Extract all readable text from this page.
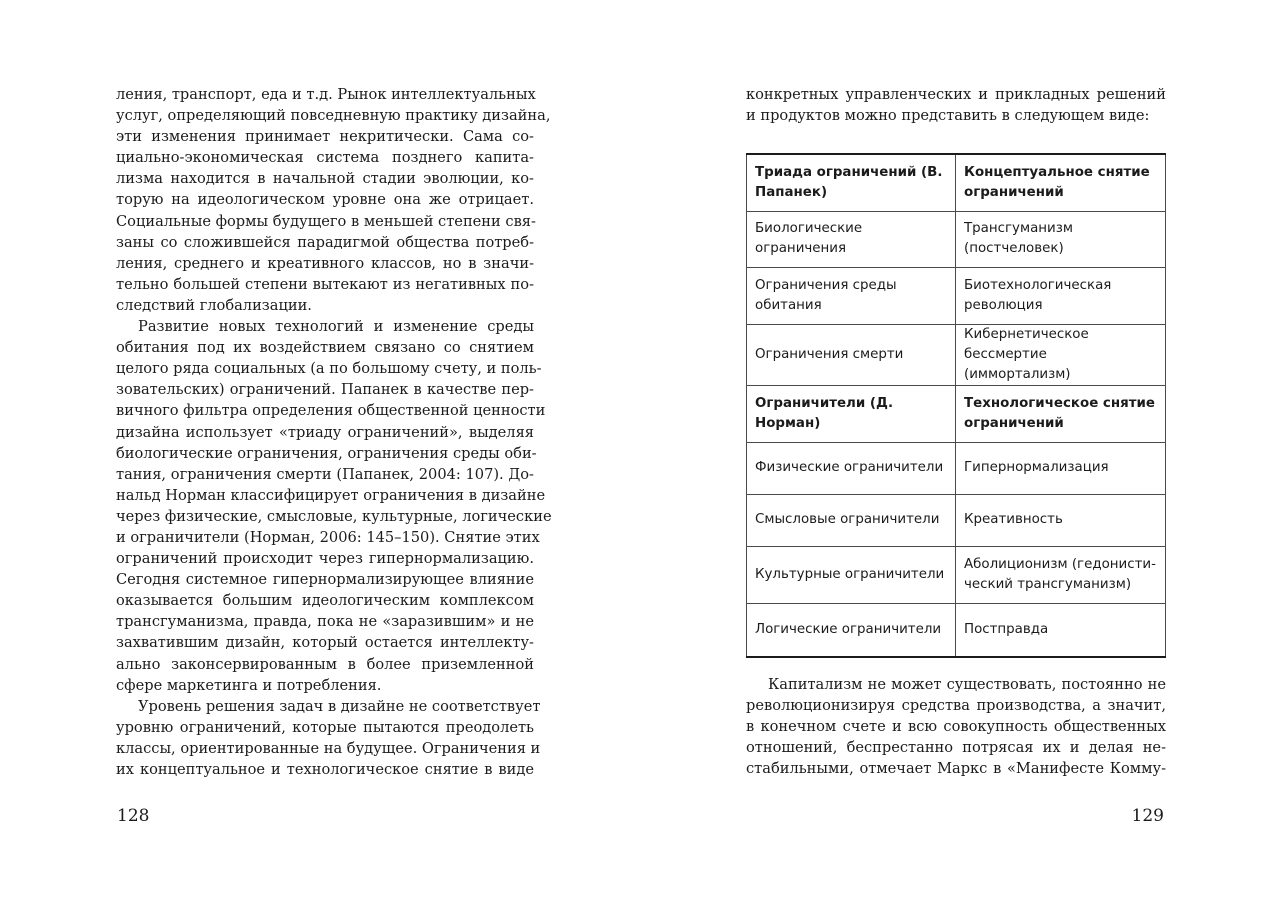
ления, транспорт, еда и т.д. Рынок интеллектуальных
услуг, определяющий повседневную практику дизайна,
эти изменения принимает некритически. Сама со-
циально-экономическая система позднего капита-
лизма находится в начальной стадии эволюции, ко-
торую на идеологическом уровне она же отрицает.
Социальные формы будущего в меньшей степени свя-
заны со сложившейся парадигмой общества потреб-
ления, среднего и креативного классов, но в значи-
тельно большей степени вытекают из негативных по-
следствий глобализации.
Развитие новых технологий и изменение среды
обитания под их воздействием связано со снятием
целого ряда социальных (а по большому счету, и поль-
зовательских) ограничений. Папанек в качестве пер-
вичного фильтра определения общественной ценности
дизайна использует «триаду ограничений», выделяя
биологические ограничения, ограничения среды оби-
тания, ограничения смерти (Папанек, 2004: 107). До-
нальд Норман классифицирует ограничения в дизайне
через физические, смысловые, культурные, логические
и ограничители (Норман, 2006: 145–150). Снятие этих
ограничений происходит через гипернормализацию.
Сегодня системное гипернормализирующее влияние
оказывается большим идеологическим комплексом
трансгуманизма, правда, пока не «заразившим» и не
захватившим дизайн, который остается интеллекту-
ально законсервированным в более приземленной
сфере маркетинга и потребления.
Уровень решения задач в дизайне не соответствует
уровню ограничений, которые пытаются преодолеть
классы, ориентированные на будущее. Ограничения и
их концептуальное и технологическое снятие в виде
128
конкретных управленческих и прикладных решений
и продуктов можно представить в следующем виде:
Триада ограничений (В. Папанек)	Концептуальное снятие ограничений

Биологические ограничения	Трансгуманизм (постчеловек)

Ограничения среды обитания	Биотехнологическая революция

Ограничения смерти	Кибернетическое бессмертие (иммортализм)

Ограничители (Д. Норман)	Технологическое снятие ограничений

Физические ограничители	Гипернормализация

Смысловые ограничители	Креативность

Культурные ограничители	Аболиционизм (гедонисти-ческий трансгуманизм)

Логические ограничители	Постправда
Капитализм не может существовать, постоянно не
революционизируя средства производства, а значит,
в конечном счете и всю совокупность общественных
отношений, беспрестанно потрясая их и делая не-
стабильными, отмечает Маркс в «Манифесте Комму-
129
